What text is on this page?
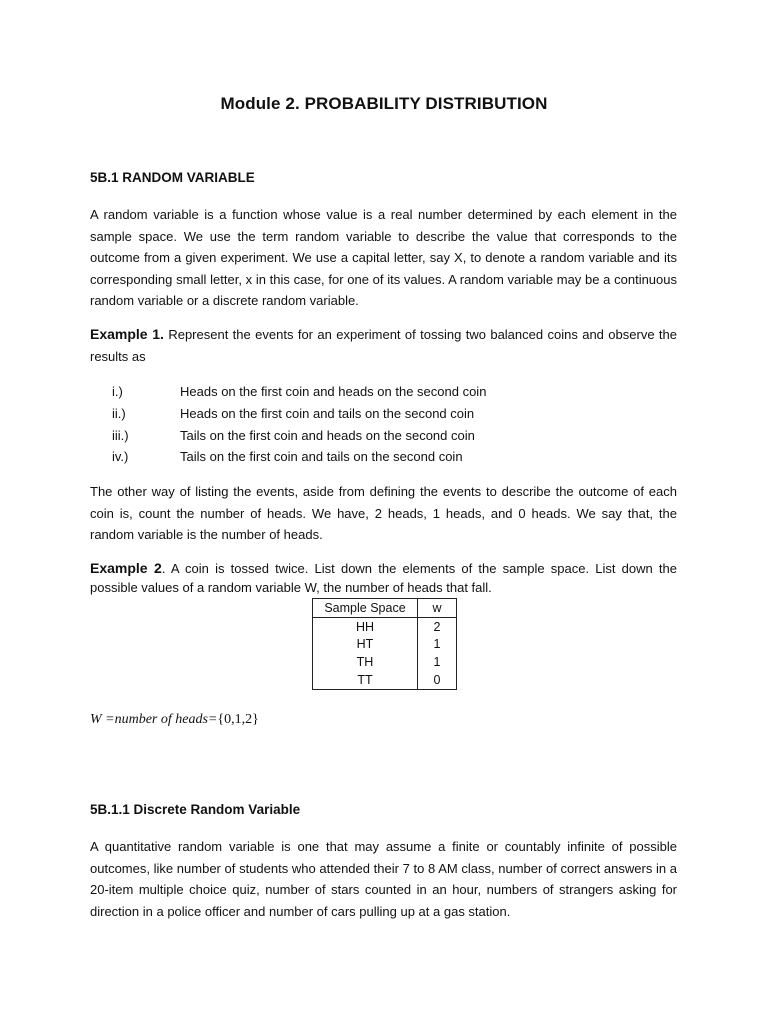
Module 2. PROBABILITY DISTRIBUTION
5B.1 RANDOM VARIABLE
A random variable is a function whose value is a real number determined by each element in the sample space. We use the term random variable to describe the value that corresponds to the outcome from a given experiment. We use a capital letter, say X, to denote a random variable and its corresponding small letter, x in this case, for one of its values. A random variable may be a continuous random variable or a discrete random variable.
Example 1. Represent the events for an experiment of tossing two balanced coins and observe the results as
i.)	Heads on the first coin and heads on the second coin
ii.)	Heads on the first coin and tails on the second coin
iii.)	Tails on the first coin and heads on the second coin
iv.)	Tails on the first coin and tails on the second coin
The other way of listing the events, aside from defining the events to describe the outcome of each coin is, count the number of heads. We have, 2 heads, 1 heads, and 0 heads. We say that, the random variable is the number of heads.
Example 2. A coin is tossed twice. List down the elements of the sample space. List down the possible values of a random variable W, the number of heads that fall.
Sample Space	w
HH	2
HT	1
TH	1
TT	0
W =number of heads={0,1,2}
5B.1.1 Discrete Random Variable
A quantitative random variable is one that may assume a finite or countably infinite of possible outcomes, like number of students who attended their 7 to 8 AM class, number of correct answers in a 20-item multiple choice quiz, number of stars counted in an hour, numbers of strangers asking for direction in a police officer and number of cars pulling up at a gas station.
